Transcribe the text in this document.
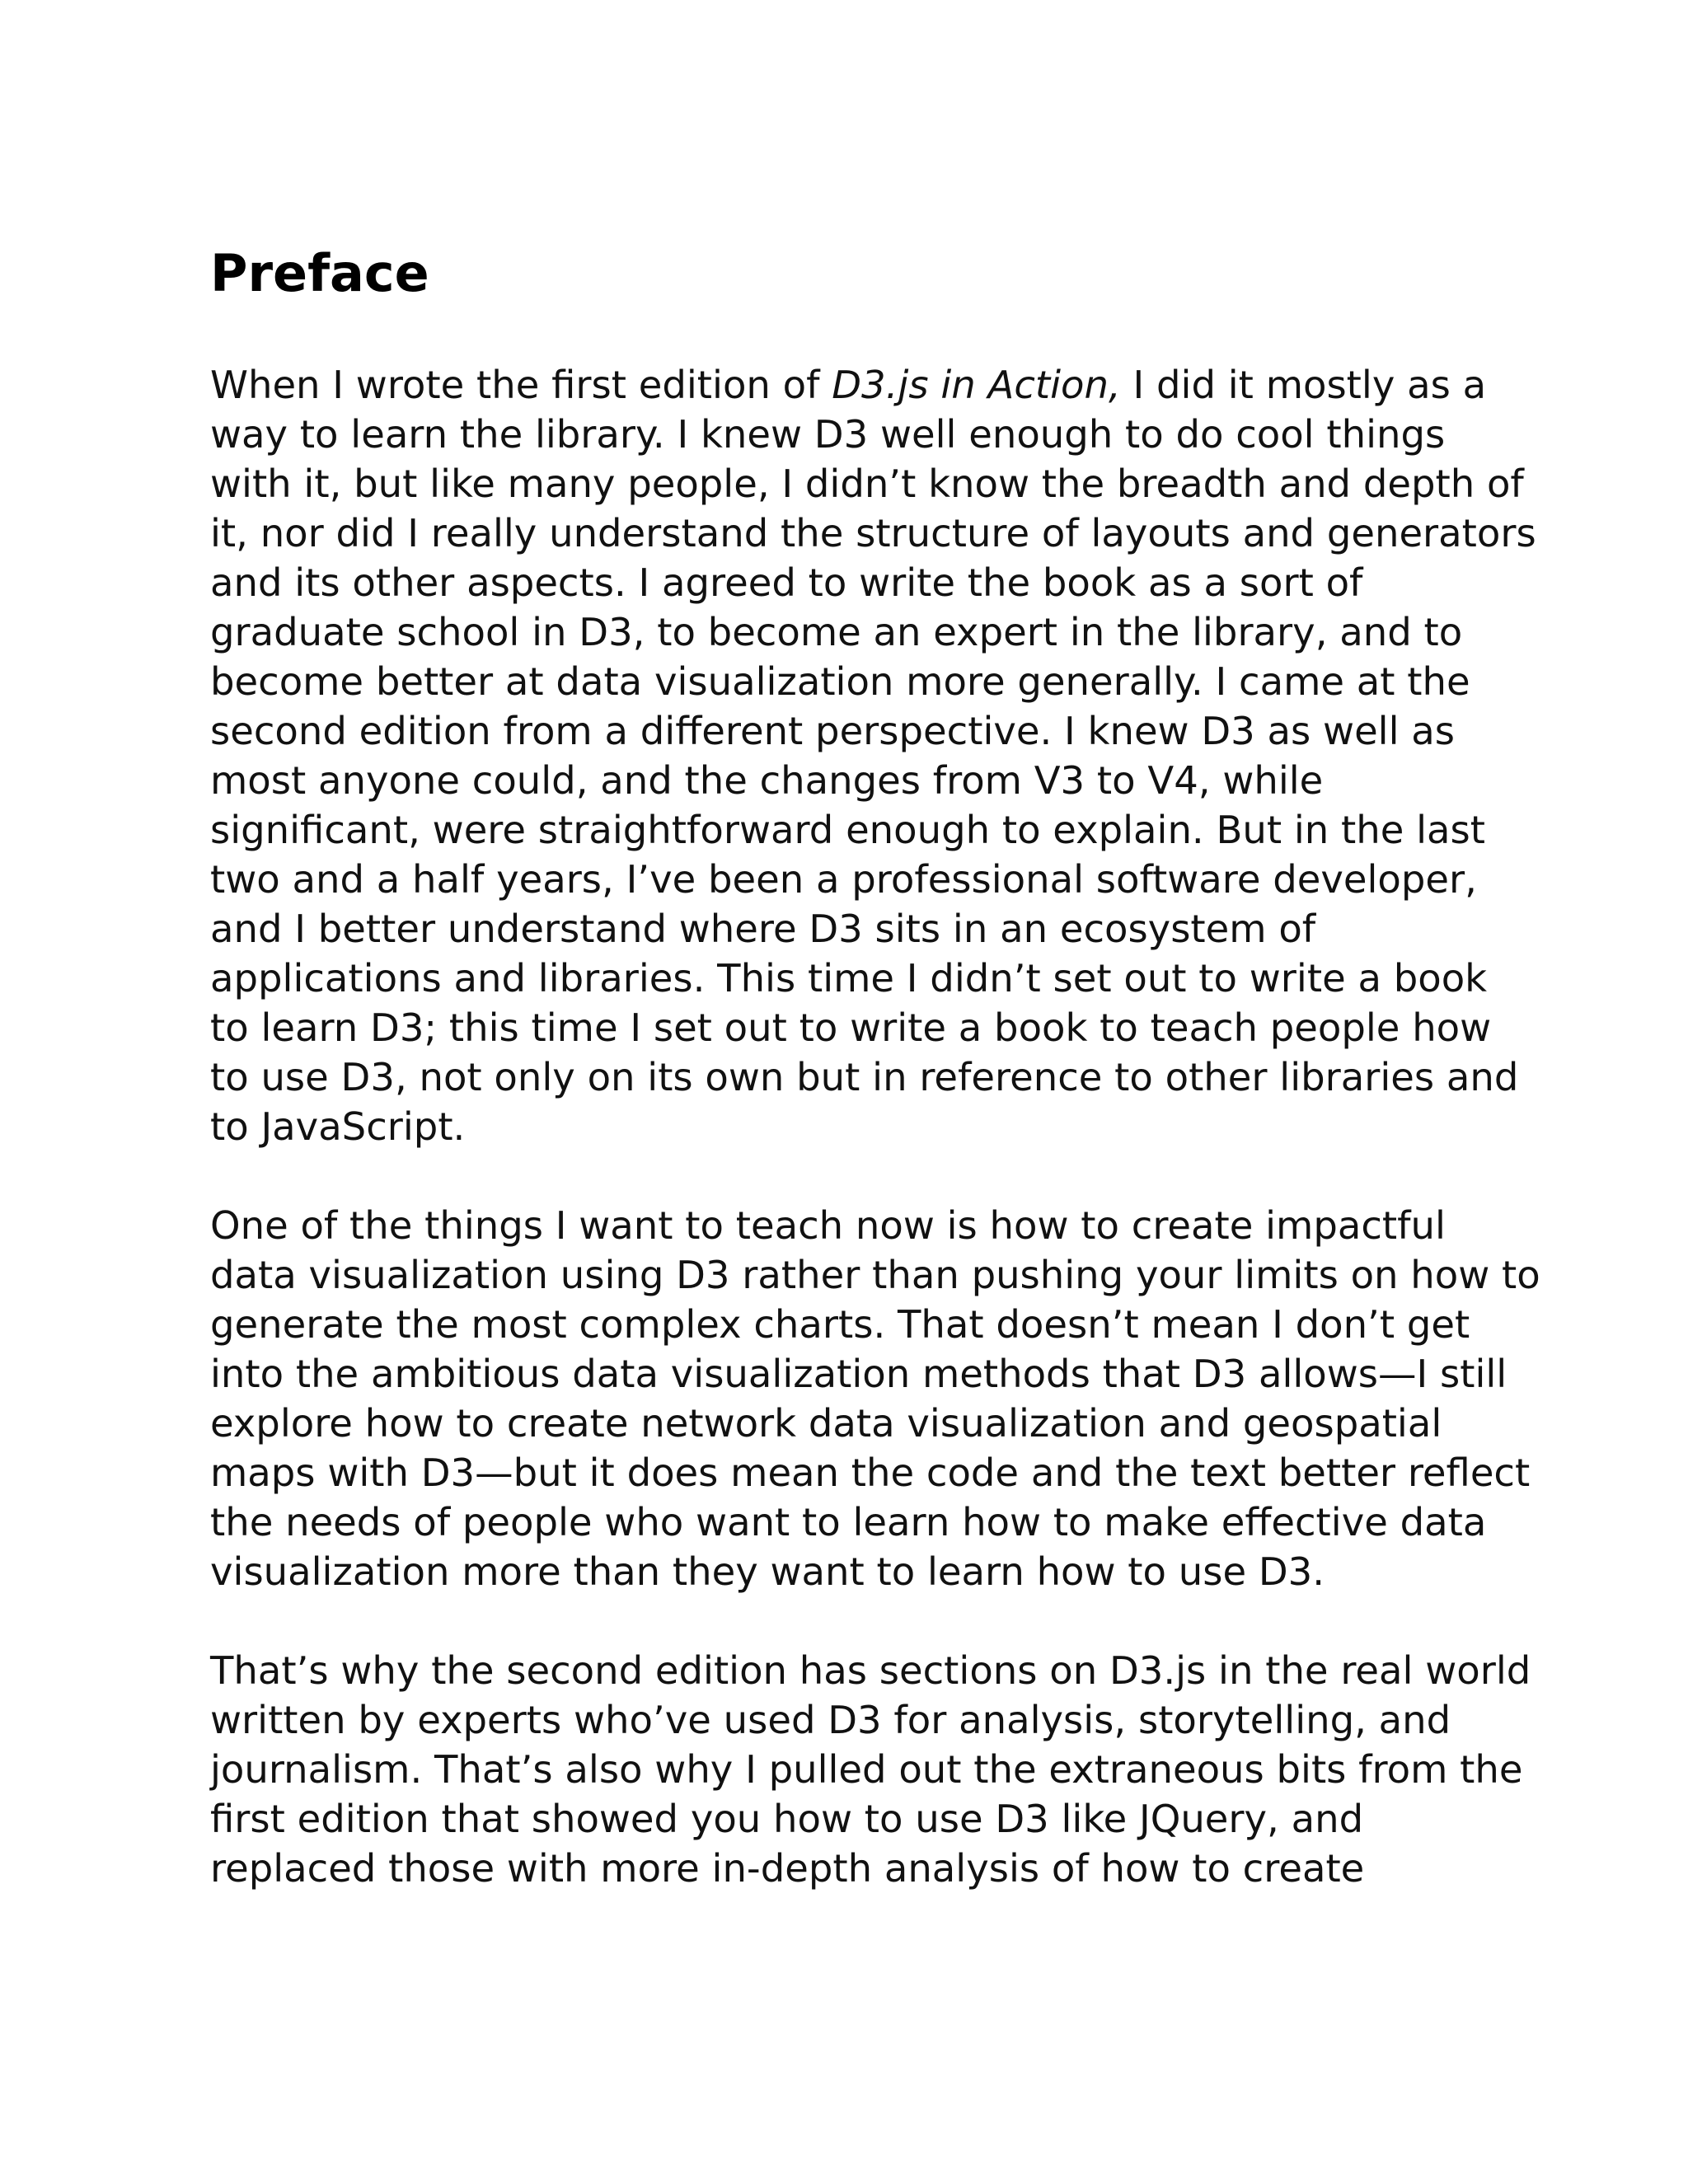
Preface

When I wrote the first edition of D3.js in Action, I did it mostly as a
way to learn the library. I knew D3 well enough to do cool things
with it, but like many people, I didn’t know the breadth and depth of
it, nor did I really understand the structure of layouts and generators
and its other aspects. I agreed to write the book as a sort of
graduate school in D3, to become an expert in the library, and to
become better at data visualization more generally. I came at the
second edition from a different perspective. I knew D3 as well as
most anyone could, and the changes from V3 to V4, while
significant, were straightforward enough to explain. But in the last
two and a half years, I’ve been a professional software developer,
and I better understand where D3 sits in an ecosystem of
applications and libraries. This time I didn’t set out to write a book
to learn D3; this time I set out to write a book to teach people how
to use D3, not only on its own but in reference to other libraries and
to JavaScript.

One of the things I want to teach now is how to create impactful
data visualization using D3 rather than pushing your limits on how to
generate the most complex charts. That doesn’t mean I don’t get
into the ambitious data visualization methods that D3 allows—I still
explore how to create network data visualization and geospatial
maps with D3—but it does mean the code and the text better reflect
the needs of people who want to learn how to make effective data
visualization more than they want to learn how to use D3.

That’s why the second edition has sections on D3.js in the real world
written by experts who’ve used D3 for analysis, storytelling, and
journalism. That’s also why I pulled out the extraneous bits from the
first edition that showed you how to use D3 like JQuery, and
replaced those with more in-depth analysis of how to create
